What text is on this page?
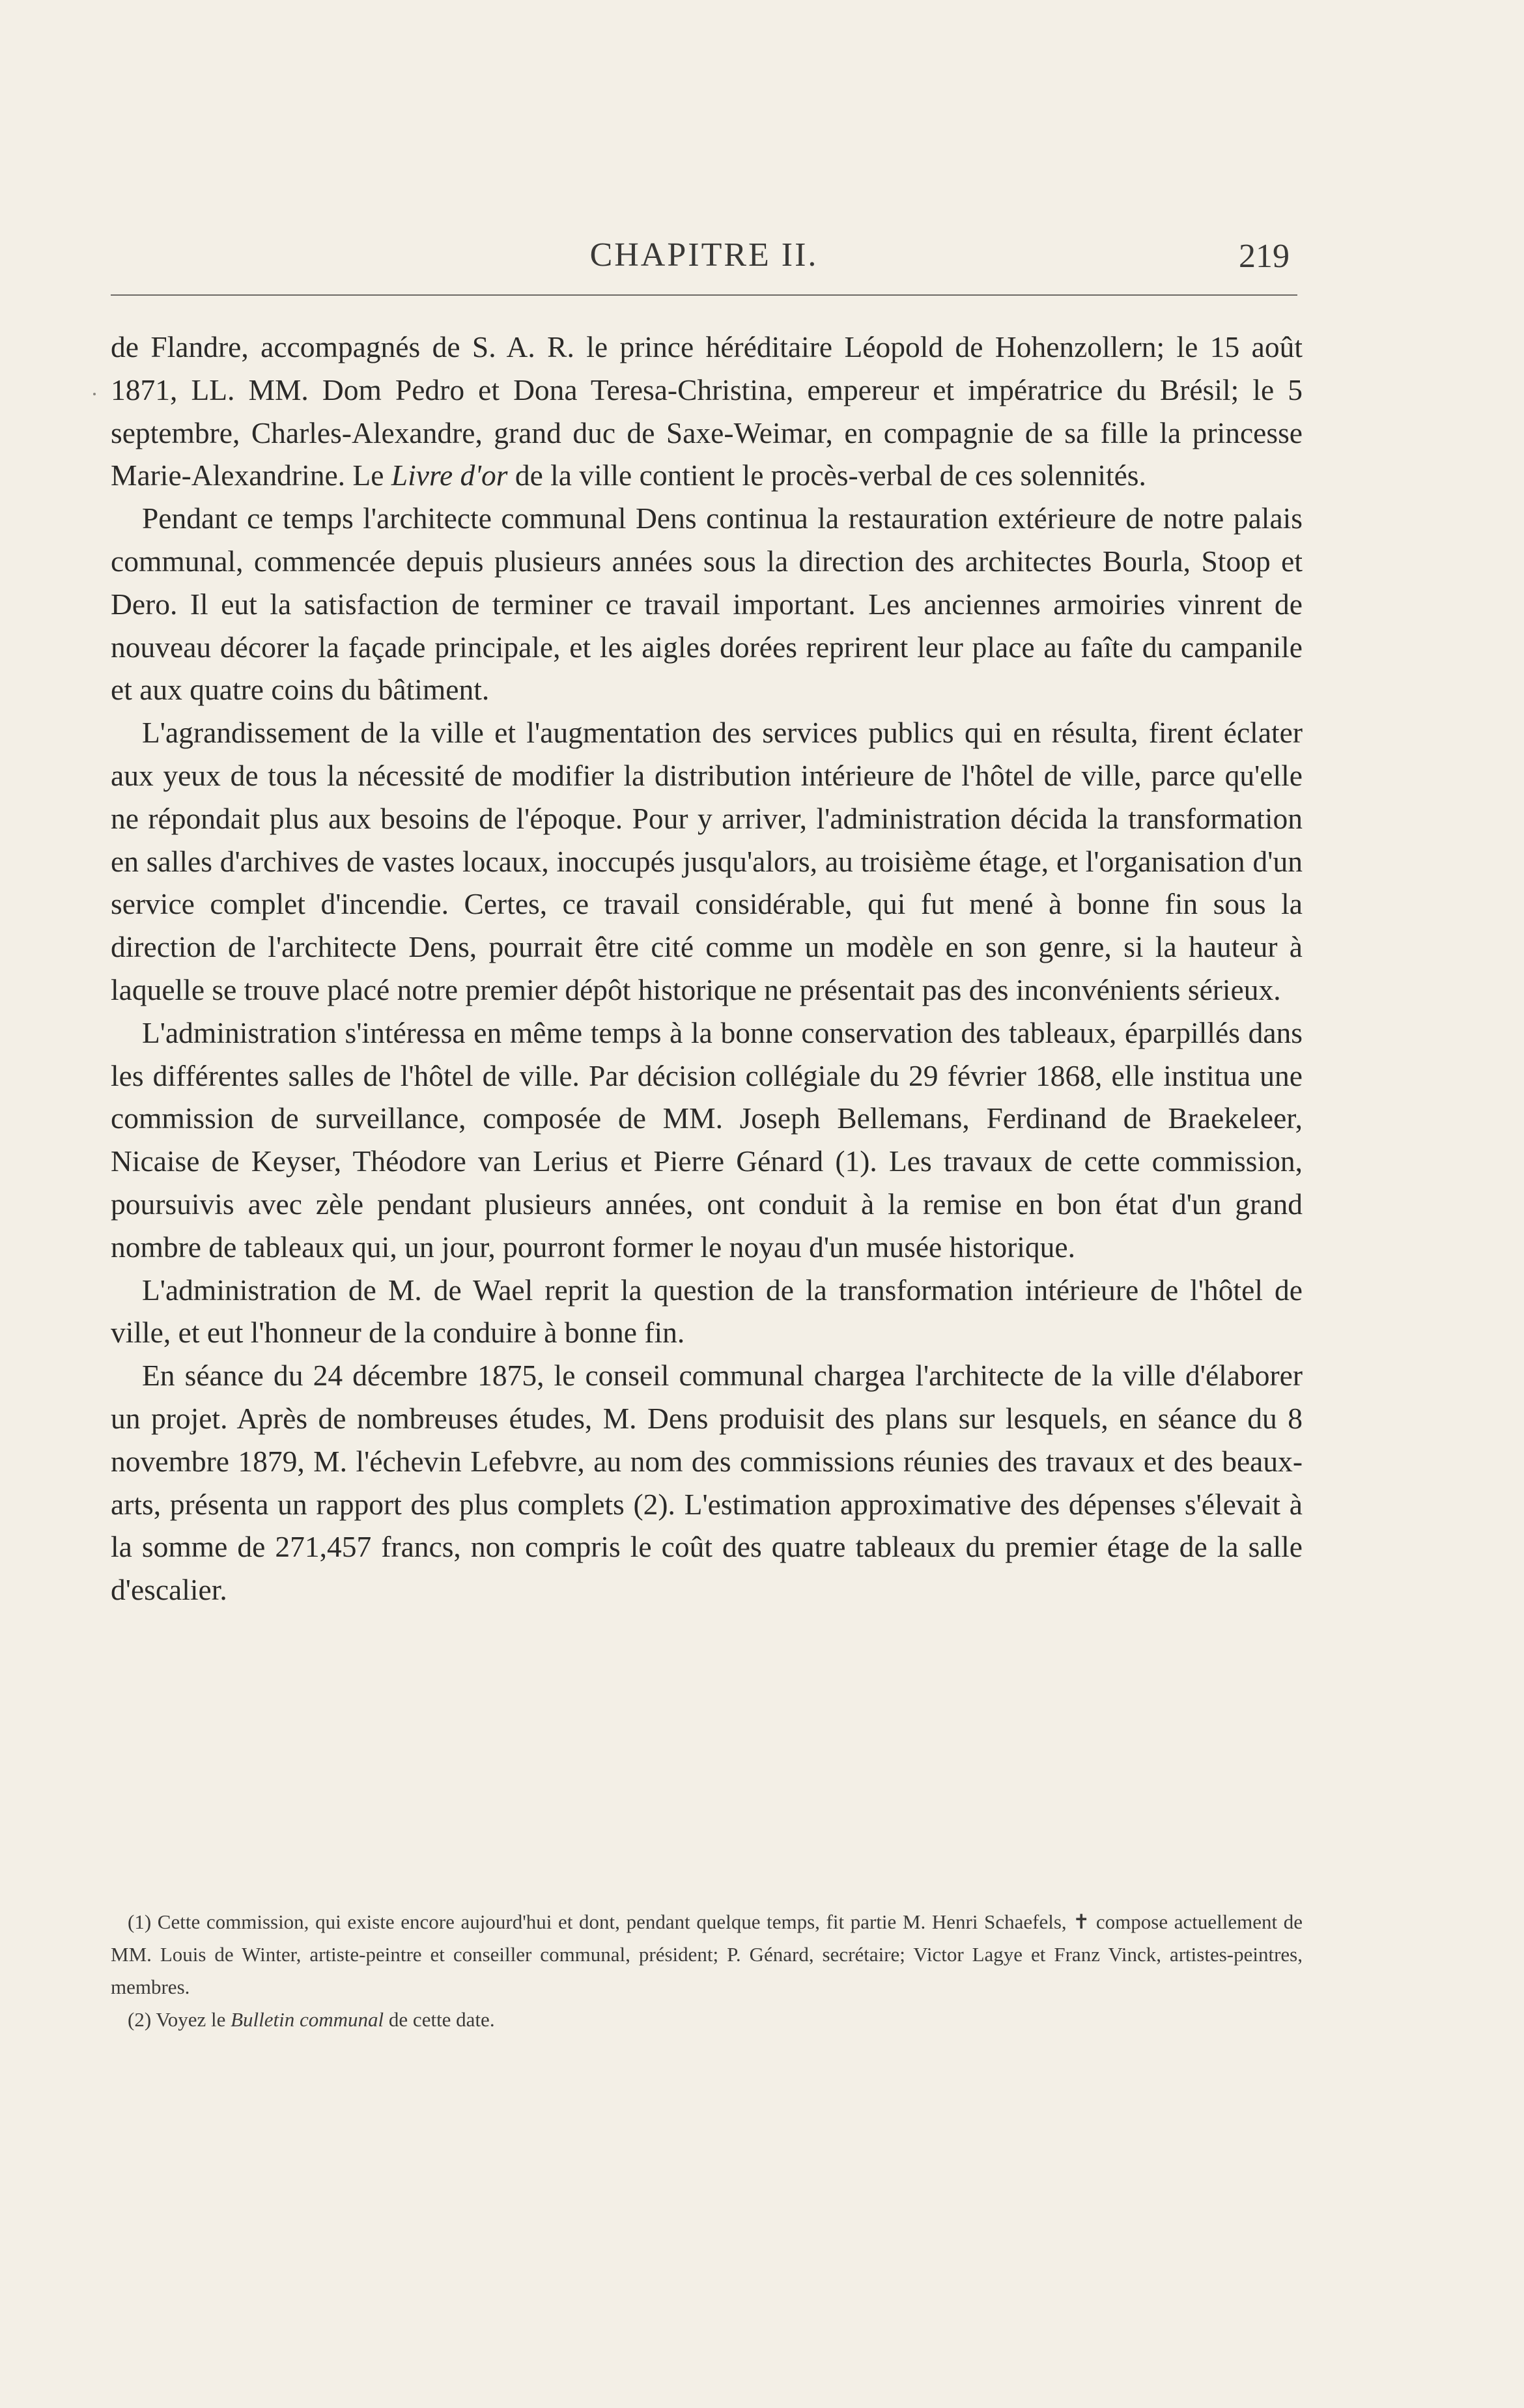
CHAPITRE II.	219

de Flandre, accompagnés de S. A. R. le prince héréditaire Léopold de Hohenzollern; le 15 août 1871, LL. MM. Dom Pedro et Dona Teresa-Christina, empereur et impératrice du Brésil; le 5 septembre, Charles-Alexandre, grand duc de Saxe-Weimar, en compagnie de sa fille la princesse Marie-Alexandrine. Le Livre d'or de la ville contient le procès-verbal de ces solennités.

Pendant ce temps l'architecte communal Dens continua la restauration extérieure de notre palais communal, commencée depuis plusieurs années sous la direction des architectes Bourla, Stoop et Dero. Il eut la satisfaction de terminer ce travail important. Les anciennes armoiries vinrent de nouveau décorer la façade principale, et les aigles dorées reprirent leur place au faîte du campanile et aux quatre coins du bâtiment.

L'agrandissement de la ville et l'augmentation des services publics qui en résulta, firent éclater aux yeux de tous la nécessité de modifier la distribution intérieure de l'hôtel de ville, parce qu'elle ne répondait plus aux besoins de l'époque. Pour y arriver, l'administration décida la transformation en salles d'archives de vastes locaux, inoccupés jusqu'alors, au troisième étage, et l'organisation d'un service complet d'incendie. Certes, ce travail considérable, qui fut mené à bonne fin sous la direction de l'architecte Dens, pourrait être cité comme un modèle en son genre, si la hauteur à laquelle se trouve placé notre premier dépôt historique ne présentait pas des inconvénients sérieux.

L'administration s'intéressa en même temps à la bonne conservation des tableaux, éparpillés dans les différentes salles de l'hôtel de ville. Par décision collégiale du 29 février 1868, elle institua une commission de surveillance, composée de MM. Joseph Bellemans, Ferdinand de Braekeleer, Nicaise de Keyser, Théodore van Lerius et Pierre Génard (1). Les travaux de cette commission, poursuivis avec zèle pendant plusieurs années, ont conduit à la remise en bon état d'un grand nombre de tableaux qui, un jour, pourront former le noyau d'un musée historique.

L'administration de M. de Wael reprit la question de la transformation intérieure de l'hôtel de ville, et eut l'honneur de la conduire à bonne fin.

En séance du 24 décembre 1875, le conseil communal chargea l'architecte de la ville d'élaborer un projet. Après de nombreuses études, M. Dens produisit des plans sur lesquels, en séance du 8 novembre 1879, M. l'échevin Lefebvre, au nom des commissions réunies des travaux et des beaux-arts, présenta un rapport des plus complets (2). L'estimation approximative des dépenses s'élevait à la somme de 271,457 francs, non compris le coût des quatre tableaux du premier étage de la salle d'escalier.

(1) Cette commission, qui existe encore aujourd'hui et dont, pendant quelque temps, fit partie M. Henri Schaefels, ✝ compose actuellement de MM. Louis de Winter, artiste-peintre et conseiller communal, président; P. Génard, secrétaire; Victor Lagye et Franz Vinck, artistes-peintres, membres.

(2) Voyez le Bulletin communal de cette date.
